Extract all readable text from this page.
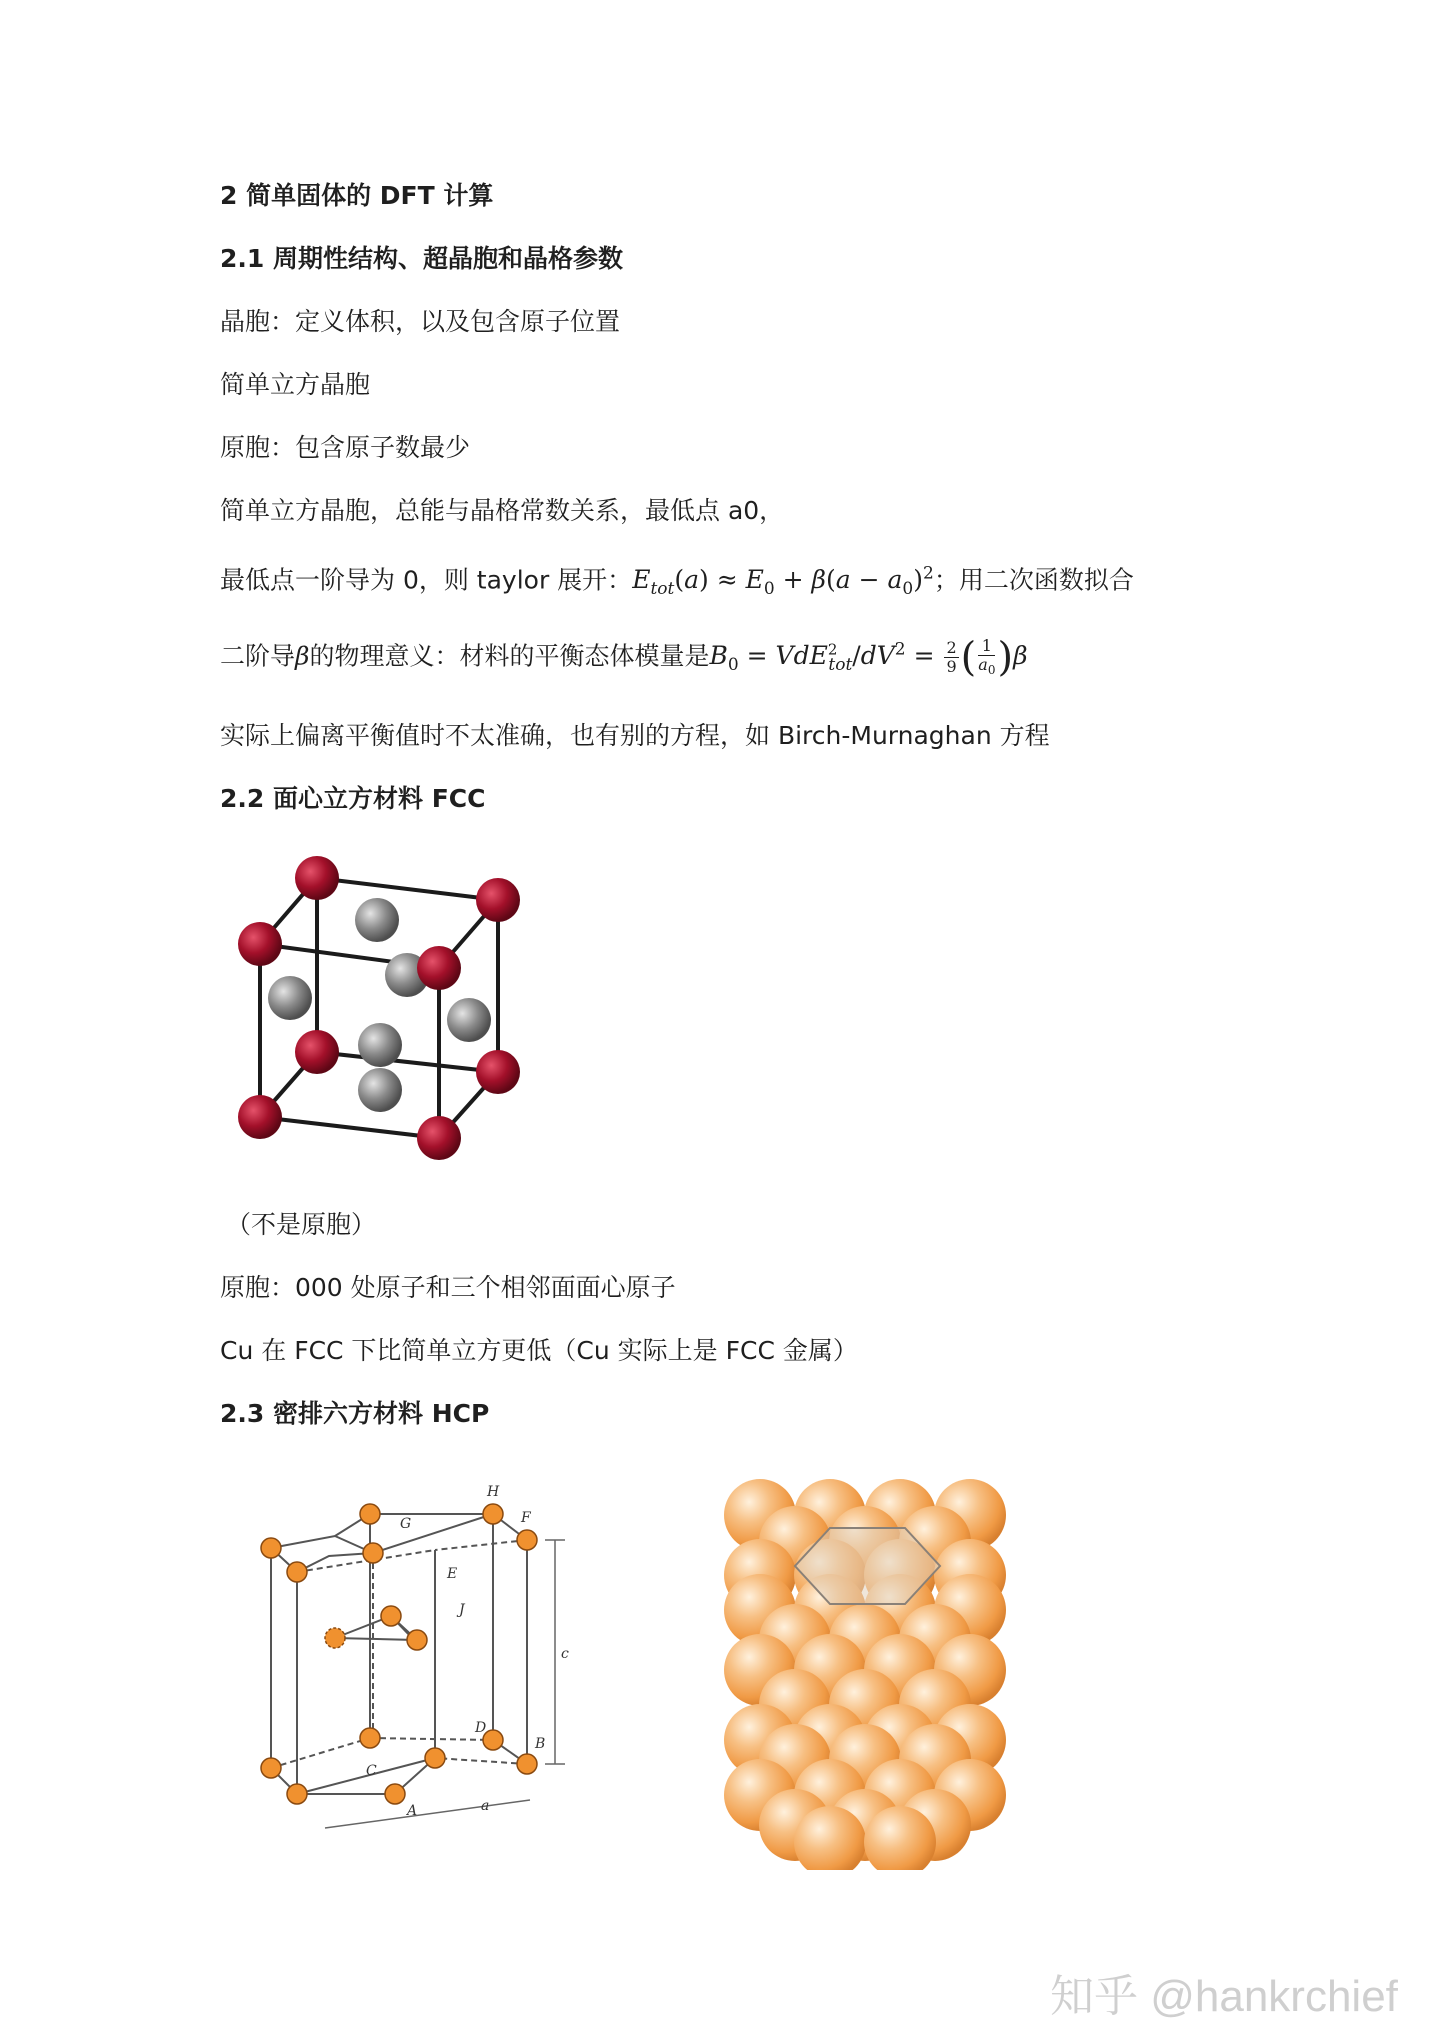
2 简单固体的 DFT 计算
2.1 周期性结构、超晶胞和晶格参数
晶胞：定义体积，以及包含原子位置
简单立方晶胞
原胞：包含原子数最少
简单立方晶胞，总能与晶格常数关系，最低点 a0，
最低点一阶导为 0，则 taylor 展开：$E_{tot}(a) \approx E_0 + \beta(a - a_0)^2$；用二次函数拟合
二阶导β的物理意义：材料的平衡态体模量是$B_0 = VdE^2_{tot}/dV^2 = \frac{2}{9}$ ( $\frac{1}{a_0} )\beta$
实际上偏离平衡值时不太准确，也有别的方程，如 Birch-Murnaghan 方程
2.2 面心立方材料 FCC
（不是原胞）
原胞：000 处原子和三个相邻面面心原子
Cu 在 FCC 下比简单立方更低（Cu 实际上是 FCC 金属）
2.3 密排六方材料 HCP
H
G	F
E
J
D
C
B
A
c
a
知乎 @hankrchief
